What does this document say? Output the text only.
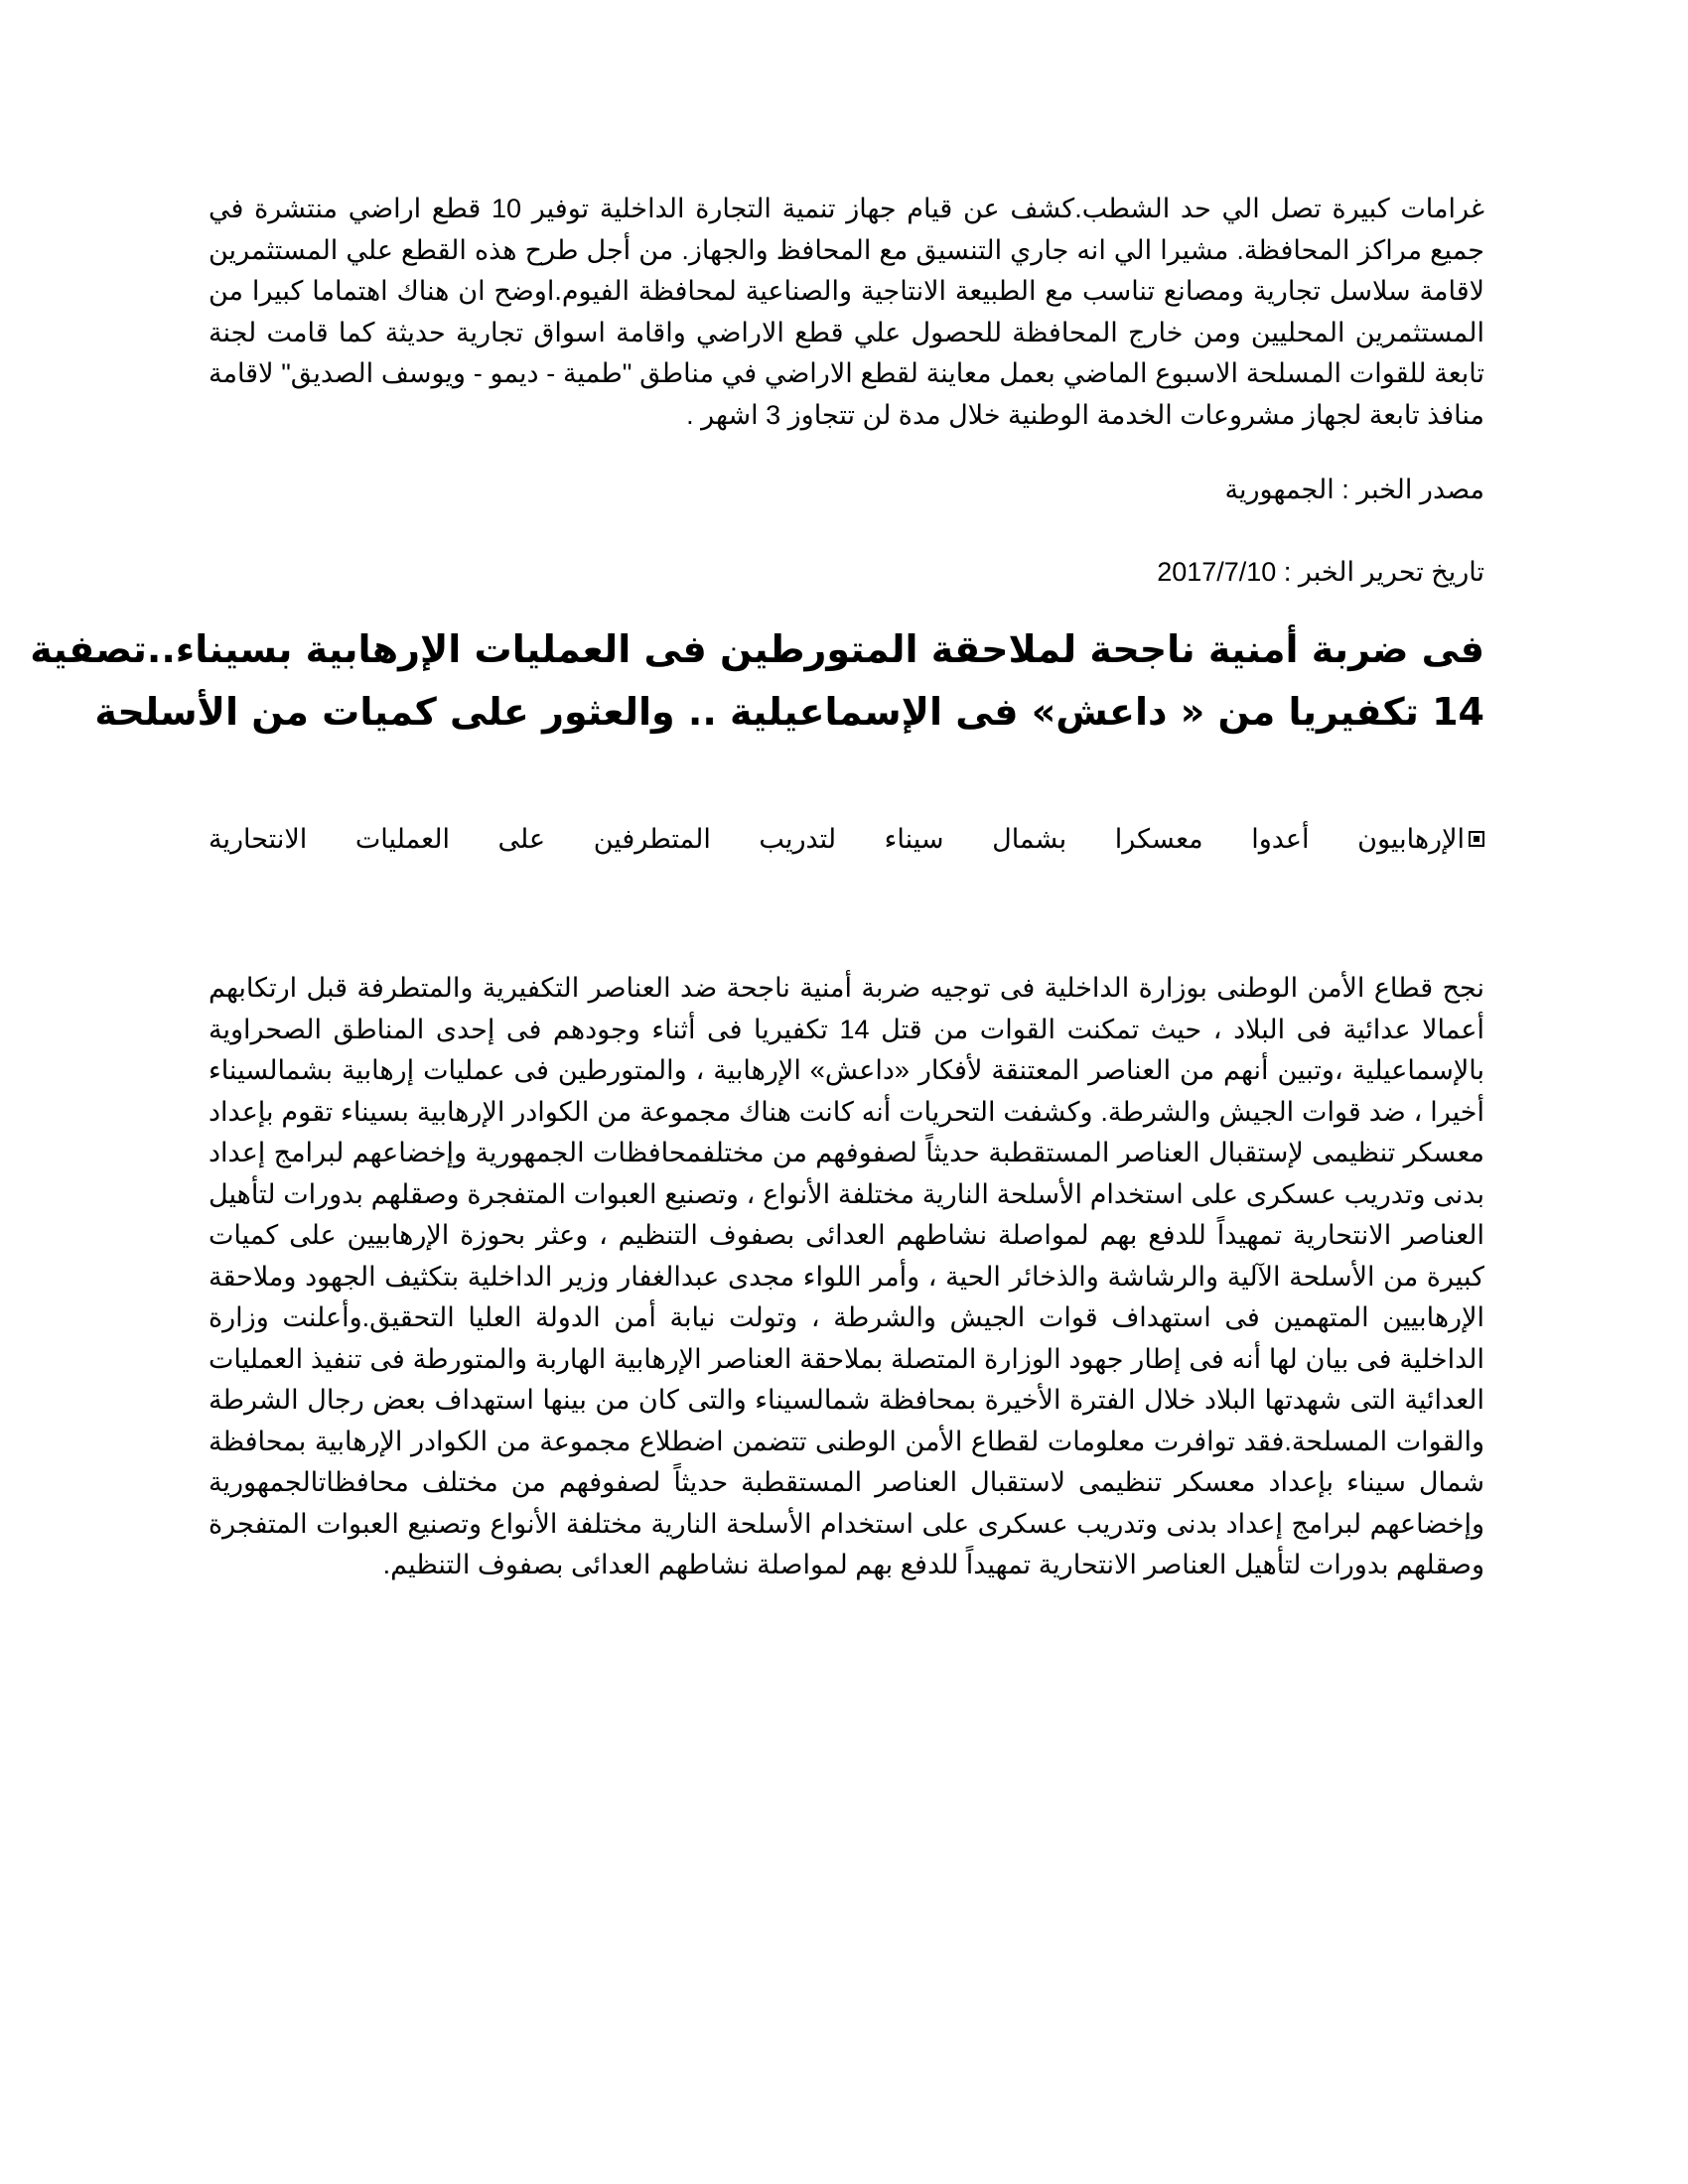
غرامات كبيرة تصل الي حد الشطب.كشف عن قيام جهاز تنمية التجارة الداخلية توفير 10 قطع اراضي منتشرة في جميع مراكز المحافظة. مشيرا الي انه جاري التنسيق مع المحافظ والجهاز. من أجل طرح هذه القطع علي المستثمرين لاقامة سلاسل تجارية ومصانع تناسب مع الطبيعة الانتاجية والصناعية لمحافظة الفيوم.اوضح ان هناك اهتماما كبيرا من المستثمرين المحليين ومن خارج المحافظة للحصول علي قطع الاراضي واقامة اسواق تجارية حديثة كما قامت لجنة تابعة للقوات المسلحة الاسبوع الماضي بعمل معاينة لقطع الاراضي في مناطق "طمية - ديمو - ويوسف الصديق" لاقامة منافذ تابعة لجهاز مشروعات الخدمة الوطنية خلال مدة لن تتجاوز 3 اشهر .

مصدر الخبر : الجمهورية

تاريخ تحرير الخبر : 2017/7/10

فى ضربة أمنية ناجحة لملاحقة المتورطين فى العمليات الإرهابية بسيناء..تصفية
14 تكفيريا من « داعش» فى الإسماعيلية .. والعثور على كميات من الأسلحة
الإرهابيون أعدوا معسكرا بشمال سيناء لتدريب المتطرفين على العمليات الانتحارية

نجح قطاع الأمن الوطنى بوزارة الداخلية فى توجيه ضربة أمنية ناجحة ضد العناصر التكفيرية والمتطرفة قبل ارتكابهم أعمالا عدائية فى البلاد ، حيث تمكنت القوات من قتل 14 تكفيريا فى أثناء وجودهم فى إحدى المناطق الصحراوية بالإسماعيلية ،وتبين أنهم من العناصر المعتنقة لأفكار «داعش» الإرهابية ، والمتورطين فى عمليات إرهابية بشمالسيناء أخيرا ، ضد قوات الجيش والشرطة. وكشفت التحريات أنه كانت هناك مجموعة من الكوادر الإرهابية بسيناء تقوم بإعداد معسكر تنظيمى لإستقبال العناصر المستقطبة حديثاً لصفوفهم من مختلفمحافظات الجمهورية وإخضاعهم لبرامج إعداد بدنى وتدريب عسكرى على استخدام الأسلحة النارية مختلفة الأنواع ، وتصنيع العبوات المتفجرة وصقلهم بدورات لتأهيل العناصر الانتحارية تمهيداً للدفع بهم لمواصلة نشاطهم العدائى بصفوف التنظيم ، وعثر بحوزة الإرهابيين على كميات كبيرة من الأسلحة الآلية والرشاشة والذخائر الحية ، وأمر اللواء مجدى عبدالغفار وزير الداخلية بتكثيف الجهود وملاحقة الإرهابيين المتهمين فى استهداف قوات الجيش والشرطة ، وتولت نيابة أمن الدولة العليا التحقيق.وأعلنت وزارة الداخلية فى بيان لها أنه فى إطار جهود الوزارة المتصلة بملاحقة العناصر الإرهابية الهاربة والمتورطة فى تنفيذ العمليات العدائية التى شهدتها البلاد خلال الفترة الأخيرة بمحافظة شمالسيناء والتى كان من بينها استهداف بعض رجال الشرطة والقوات المسلحة.فقد توافرت معلومات لقطاع الأمن الوطنى تتضمن اضطلاع مجموعة من الكوادر الإرهابية بمحافظة شمال سيناء بإعداد معسكر تنظيمى لاستقبال العناصر المستقطبة حديثاً لصفوفهم من مختلف محافظاتالجمهورية وإخضاعهم لبرامج إعداد بدنى وتدريب عسكرى على استخدام الأسلحة النارية مختلفة الأنواع وتصنيع العبوات المتفجرة وصقلهم بدورات لتأهيل العناصر الانتحارية تمهيداً للدفع بهم لمواصلة نشاطهم العدائى بصفوف التنظيم.
